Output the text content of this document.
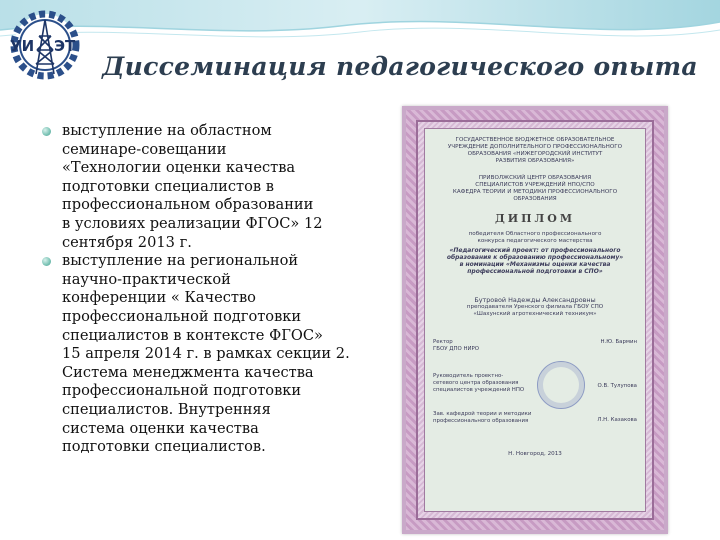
УИ ЭТ
Диссеминация педагогического опыта
выступление на областном
семинаре-совещании
«Технологии оценки качества
подготовки специалистов в
профессиональном образовании
в условиях реализации ФГОС» 12
сентября 2013 г.
выступление на региональной
научно-практической
конференции « Качество
профессиональной подготовки
специалистов в контексте ФГОС»
15 апреля 2014 г. в рамках секции 2.
Система менеджмента качества
профессиональной подготовки
специалистов. Внутренняя
система оценки качества
подготовки специалистов.
ГОСУДАРСТВЕННОЕ БЮДЖЕТНОЕ ОБРАЗОВАТЕЛЬНОЕ
УЧРЕЖДЕНИЕ ДОПОЛНИТЕЛЬНОГО ПРОФЕССИОНАЛЬНОГО
ОБРАЗОВАНИЯ «НИЖЕГОРОДСКИЙ ИНСТИТУТ
РАЗВИТИЯ ОБРАЗОВАНИЯ»
ПРИВОЛЖСКИЙ ЦЕНТР ОБРАЗОВАНИЯ
СПЕЦИАЛИСТОВ УЧРЕЖДЕНИЙ НПО/СПО
КАФЕДРА ТЕОРИИ И МЕТОДИКИ ПРОФЕССИОНАЛЬНОГО
ОБРАЗОВАНИЯ
ДИПЛОМ
победителя Областного профессионального
конкурса педагогического мастерства
«Педагогический проект: от профессионального
образования к образованию профессиональному»
в номинации «Механизмы оценки качества
профессиональной подготовки в СПО»
Бутровой Надежды Александровны
преподавателя Уренского филиала ГБОУ СПО
«Шахунский агротехнический техникум»
Ректор
ГБОУ ДПО НИРО
Н.Ю. Бармин
Руководитель проектно-
сетевого центра образования
специалистов учреждений НПО
О.В. Тулупова
Зав. кафедрой теории и методики
профессионального образования	Л.Н. Казакова
Н. Новгород, 2013
